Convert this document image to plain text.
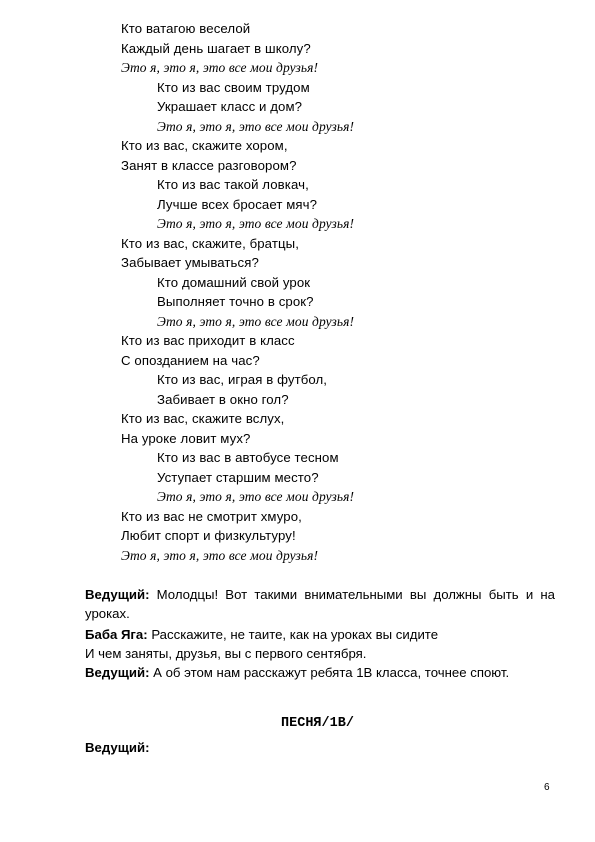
Кто ватагою веселой
Каждый день шагает в школу?
Это я, это я, это все мои друзья!
Кто из вас своим трудом
Украшает класс и дом?
Это я, это я, это все мои друзья!
Кто из вас, скажите хором,
Занят в классе разговором?
Кто из вас такой ловкач,
Лучше всех бросает мяч?
Это я, это я, это все мои друзья!
Кто из вас, скажите, братцы,
Забывает умываться?
Кто домашний свой урок
Выполняет точно в срок?
Это я, это я, это все мои друзья!
Кто из вас приходит в класс
С опозданием на час?
Кто из вас, играя в футбол,
Забивает в окно гол?
Кто из вас, скажите вслух,
На уроке ловит мух?
Кто из вас в автобусе тесном
Уступает старшим место?
Это я, это я, это все мои друзья!
Кто из вас не смотрит хмуро,
Любит спорт и физкультуру!
Это я, это я, это все мои друзья!
Ведущий: Молодцы! Вот такими внимательными вы должны быть и на уроках.
Баба Яга: Расскажите, не таите, как на уроках вы сидите
И чем заняты, друзья, вы с первого сентября.
Ведущий: А об этом нам расскажут ребята 1В класса, точнее споют.
ПЕСНЯ/1В/
Ведущий:
6
